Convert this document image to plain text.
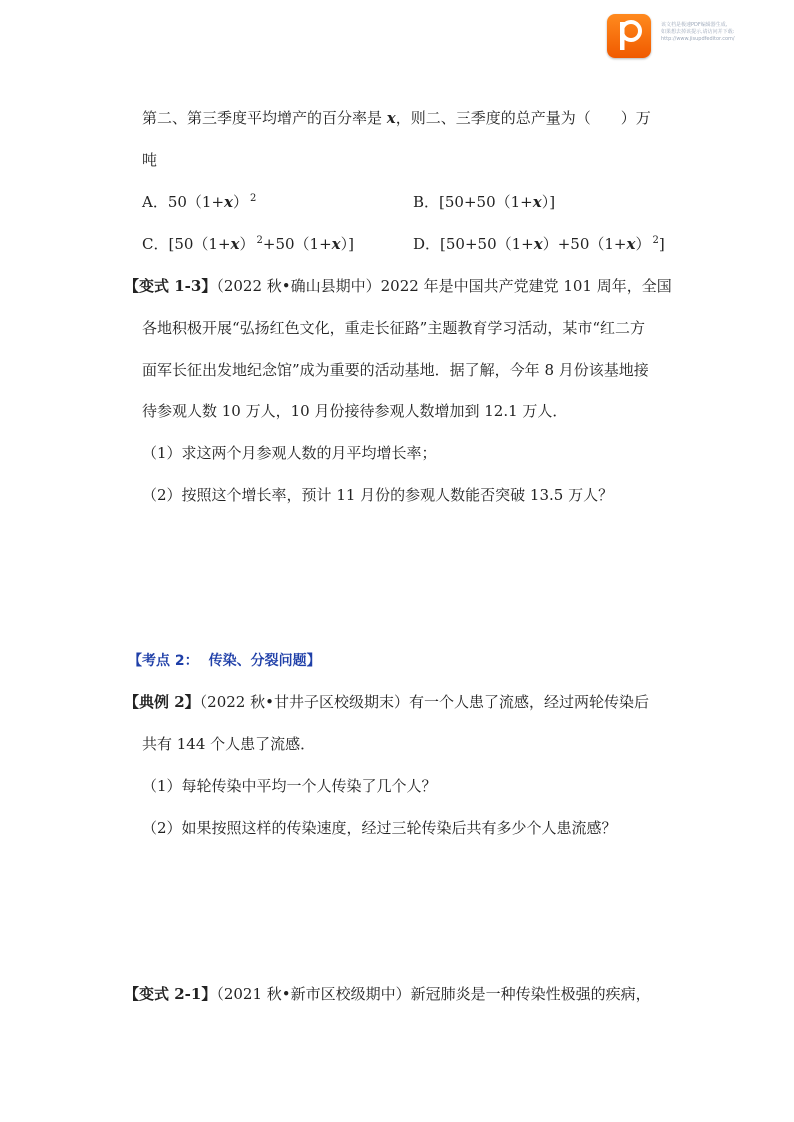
该文档是极速PDF编辑器生成,
如果想去掉该提示,请访问并下载:
http://www.jisupdfeditor.com/
第二、第三季度平均增产的百分率是 x，则二、三季度的总产量为（　　）万
吨
A．50（1+x） $^2$	B．[50+50（1+x）]
C．[50（1+x） $^2$+50（1+x）]	D．[50+50（1+x）+50（1+x） $^2$]
【变式 1-3】（2022 秋•确山县期中）2022 年是中国共产党建党 101 周年，全国
各地积极开展“弘扬红色文化，重走长征路”主题教育学习活动，某市“红二方
面军长征出发地纪念馆”成为重要的活动基地．据了解，今年 8 月份该基地接
待参观人数 10 万人，10 月份接待参观人数增加到 12.1 万人．
（1）求这两个月参观人数的月平均增长率；
（2）按照这个增长率，预计 11 月份的参观人数能否突破 13.5 万人？
【考点 2： 传染、分裂问题】
【典例 2】（2022 秋•甘井子区校级期末）有一个人患了流感，经过两轮传染后
共有 144 个人患了流感．
（1）每轮传染中平均一个人传染了几个人？
（2）如果按照这样的传染速度，经过三轮传染后共有多少个人患流感？
【变式 2-1】（2021 秋•新市区校级期中）新冠肺炎是一种传染性极强的疾病，
